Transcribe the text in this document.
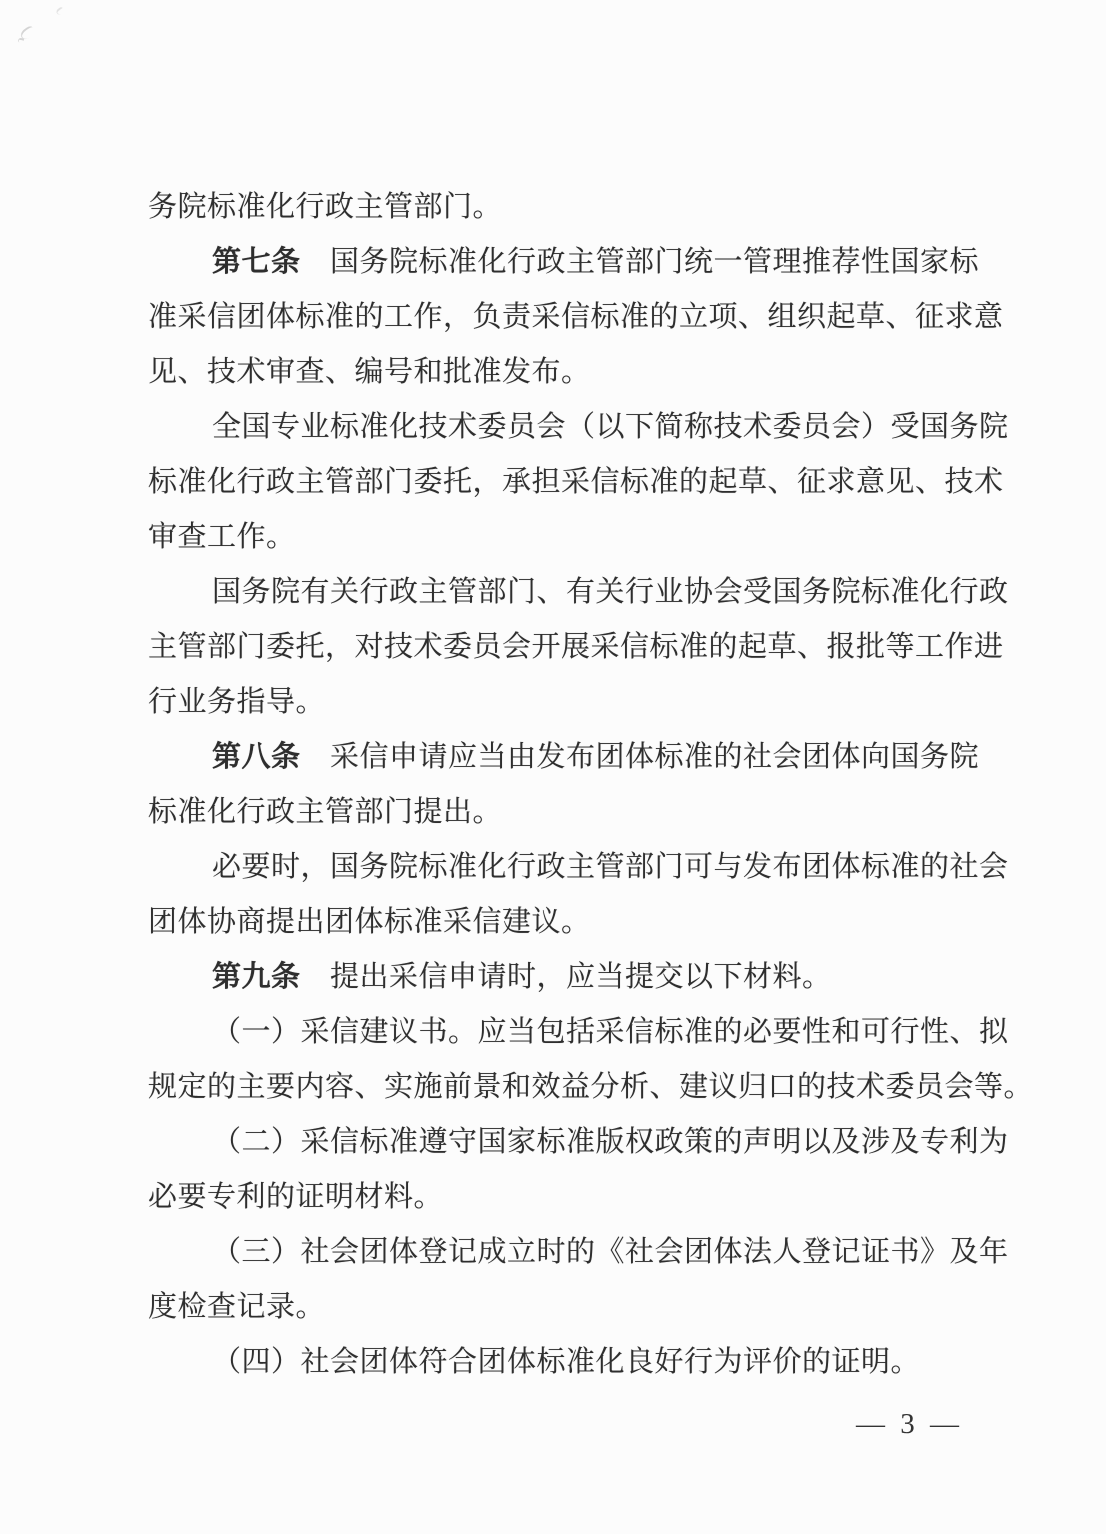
务院标准化行政主管部门。
第七条　国务院标准化行政主管部门统一管理推荐性国家标
准采信团体标准的工作，负责采信标准的立项、组织起草、征求意
见、技术审查、编号和批准发布。
全国专业标准化技术委员会（以下简称技术委员会）受国务院
标准化行政主管部门委托，承担采信标准的起草、征求意见、技术
审查工作。
国务院有关行政主管部门、有关行业协会受国务院标准化行政
主管部门委托，对技术委员会开展采信标准的起草、报批等工作进
行业务指导。
第八条　采信申请应当由发布团体标准的社会团体向国务院
标准化行政主管部门提出。
必要时，国务院标准化行政主管部门可与发布团体标准的社会
团体协商提出团体标准采信建议。
第九条　提出采信申请时，应当提交以下材料。
（一）采信建议书。应当包括采信标准的必要性和可行性、拟
规定的主要内容、实施前景和效益分析、建议归口的技术委员会等。
（二）采信标准遵守国家标准版权政策的声明以及涉及专利为
必要专利的证明材料。
（三）社会团体登记成立时的《社会团体法人登记证书》及年
度检查记录。
（四）社会团体符合团体标准化良好行为评价的证明。
— 3 —
